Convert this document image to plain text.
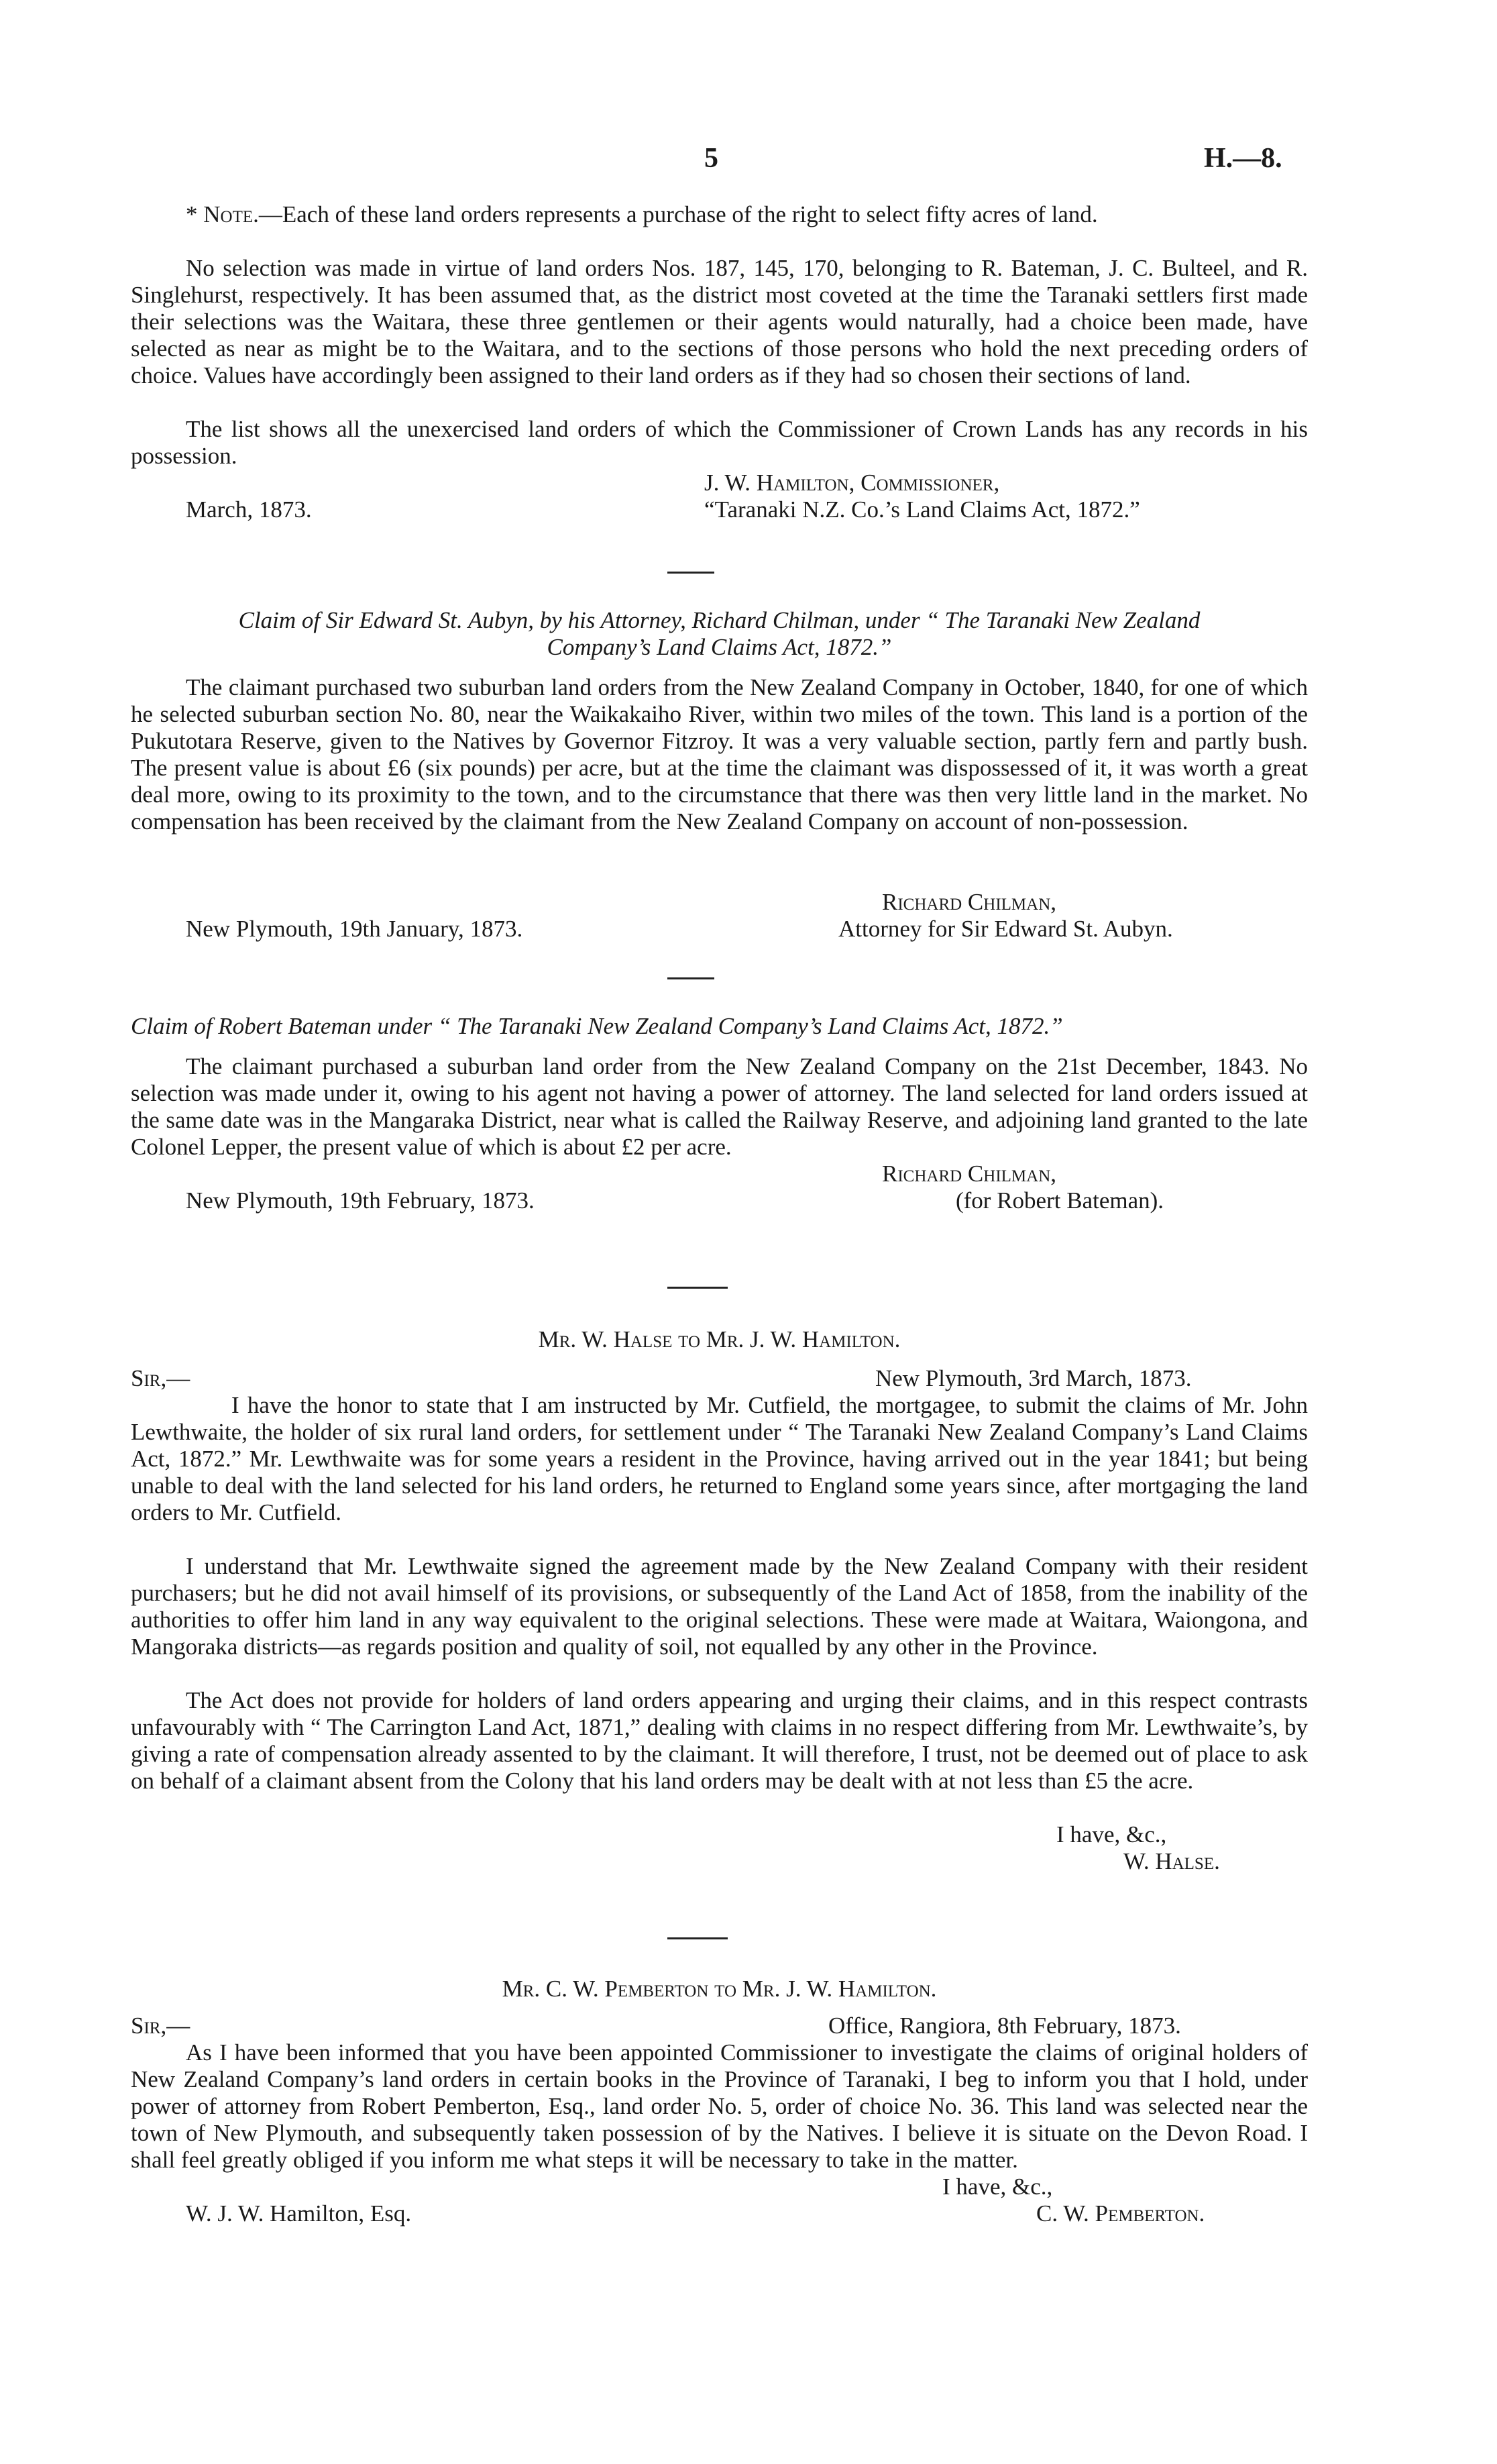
5	H.—8.

* Note.—Each of these land orders represents a purchase of the right to select fifty acres of land.

No selection was made in virtue of land orders Nos. 187, 145, 170, belonging to R. Bateman, J. C. Bulteel, and R. Singlehurst, respectively. It has been assumed that, as the district most coveted at the time the Taranaki settlers first made their selections was the Waitara, these three gentlemen or their agents would naturally, had a choice been made, have selected as near as might be to the Waitara, and to the sections of those persons who hold the next preceding orders of choice. Values have accordingly been assigned to their land orders as if they had so chosen their sections of land.

The list shows all the unexercised land orders of which the Commissioner of Crown Lands has any records in his possession.

J. W. Hamilton, Commissioner,
March, 1873.	“Taranaki N.Z. Co.’s Land Claims Act, 1872.”
Claim of Sir Edward St. Aubyn, by his Attorney, Richard Chilman, under “ The Taranaki New Zealand
Company’s Land Claims Act, 1872.”

The claimant purchased two suburban land orders from the New Zealand Company in October, 1840, for one of which he selected suburban section No. 80, near the Waikakaiho River, within two miles of the town. This land is a portion of the Pukutotara Reserve, given to the Natives by Governor Fitzroy. It was a very valuable section, partly fern and partly bush. The present value is about £6 (six pounds) per acre, but at the time the claimant was dispossessed of it, it was worth a great deal more, owing to its proximity to the town, and to the circumstance that there was then very little land in the market. No compensation has been received by the claimant from the New Zealand Company on account of non-possession.

Richard Chilman,
New Plymouth, 19th January, 1873.	Attorney for Sir Edward St. Aubyn.
Claim of Robert Bateman under “ The Taranaki New Zealand Company’s Land Claims Act, 1872.”

The claimant purchased a suburban land order from the New Zealand Company on the 21st December, 1843. No selection was made under it, owing to his agent not having a power of attorney. The land selected for land orders issued at the same date was in the Mangaraka District, near what is called the Railway Reserve, and adjoining land granted to the late Colonel Lepper, the present value of which is about £2 per acre.

Richard Chilman,
New Plymouth, 19th February, 1873.	(for Robert Bateman).
Mr. W. Halse to Mr. J. W. Hamilton.
Sir,—	New Plymouth, 3rd March, 1873.

I have the honor to state that I am instructed by Mr. Cutfield, the mortgagee, to submit the claims of Mr. John Lewthwaite, the holder of six rural land orders, for settlement under “ The Taranaki New Zealand Company’s Land Claims Act, 1872.” Mr. Lewthwaite was for some years a resident in the Province, having arrived out in the year 1841; but being unable to deal with the land selected for his land orders, he returned to England some years since, after mortgaging the land orders to Mr. Cutfield.

I understand that Mr. Lewthwaite signed the agreement made by the New Zealand Company with their resident purchasers; but he did not avail himself of its provisions, or subsequently of the Land Act of 1858, from the inability of the authorities to offer him land in any way equivalent to the original selections. These were made at Waitara, Waiongona, and Mangoraka districts—as regards position and quality of soil, not equalled by any other in the Province.

The Act does not provide for holders of land orders appearing and urging their claims, and in this respect contrasts unfavourably with “ The Carrington Land Act, 1871,” dealing with claims in no respect differing from Mr. Lewthwaite’s, by giving a rate of compensation already assented to by the claimant. It will therefore, I trust, not be deemed out of place to ask on behalf of a claimant absent from the Colony that his land orders may be dealt with at not less than £5 the acre.

I have, &c.,
W. Halse.
Mr. C. W. Pemberton to Mr. J. W. Hamilton.
Sir,—	Office, Rangiora, 8th February, 1873.

As I have been informed that you have been appointed Commissioner to investigate the claims of original holders of New Zealand Company’s land orders in certain books in the Province of Taranaki, I beg to inform you that I hold, under power of attorney from Robert Pemberton, Esq., land order No. 5, order of choice No. 36. This land was selected near the town of New Plymouth, and subsequently taken possession of by the Natives. I believe it is situate on the Devon Road. I shall feel greatly obliged if you inform me what steps it will be necessary to take in the matter.

I have, &c.,
W. J. W. Hamilton, Esq.	C. W. Pemberton.
